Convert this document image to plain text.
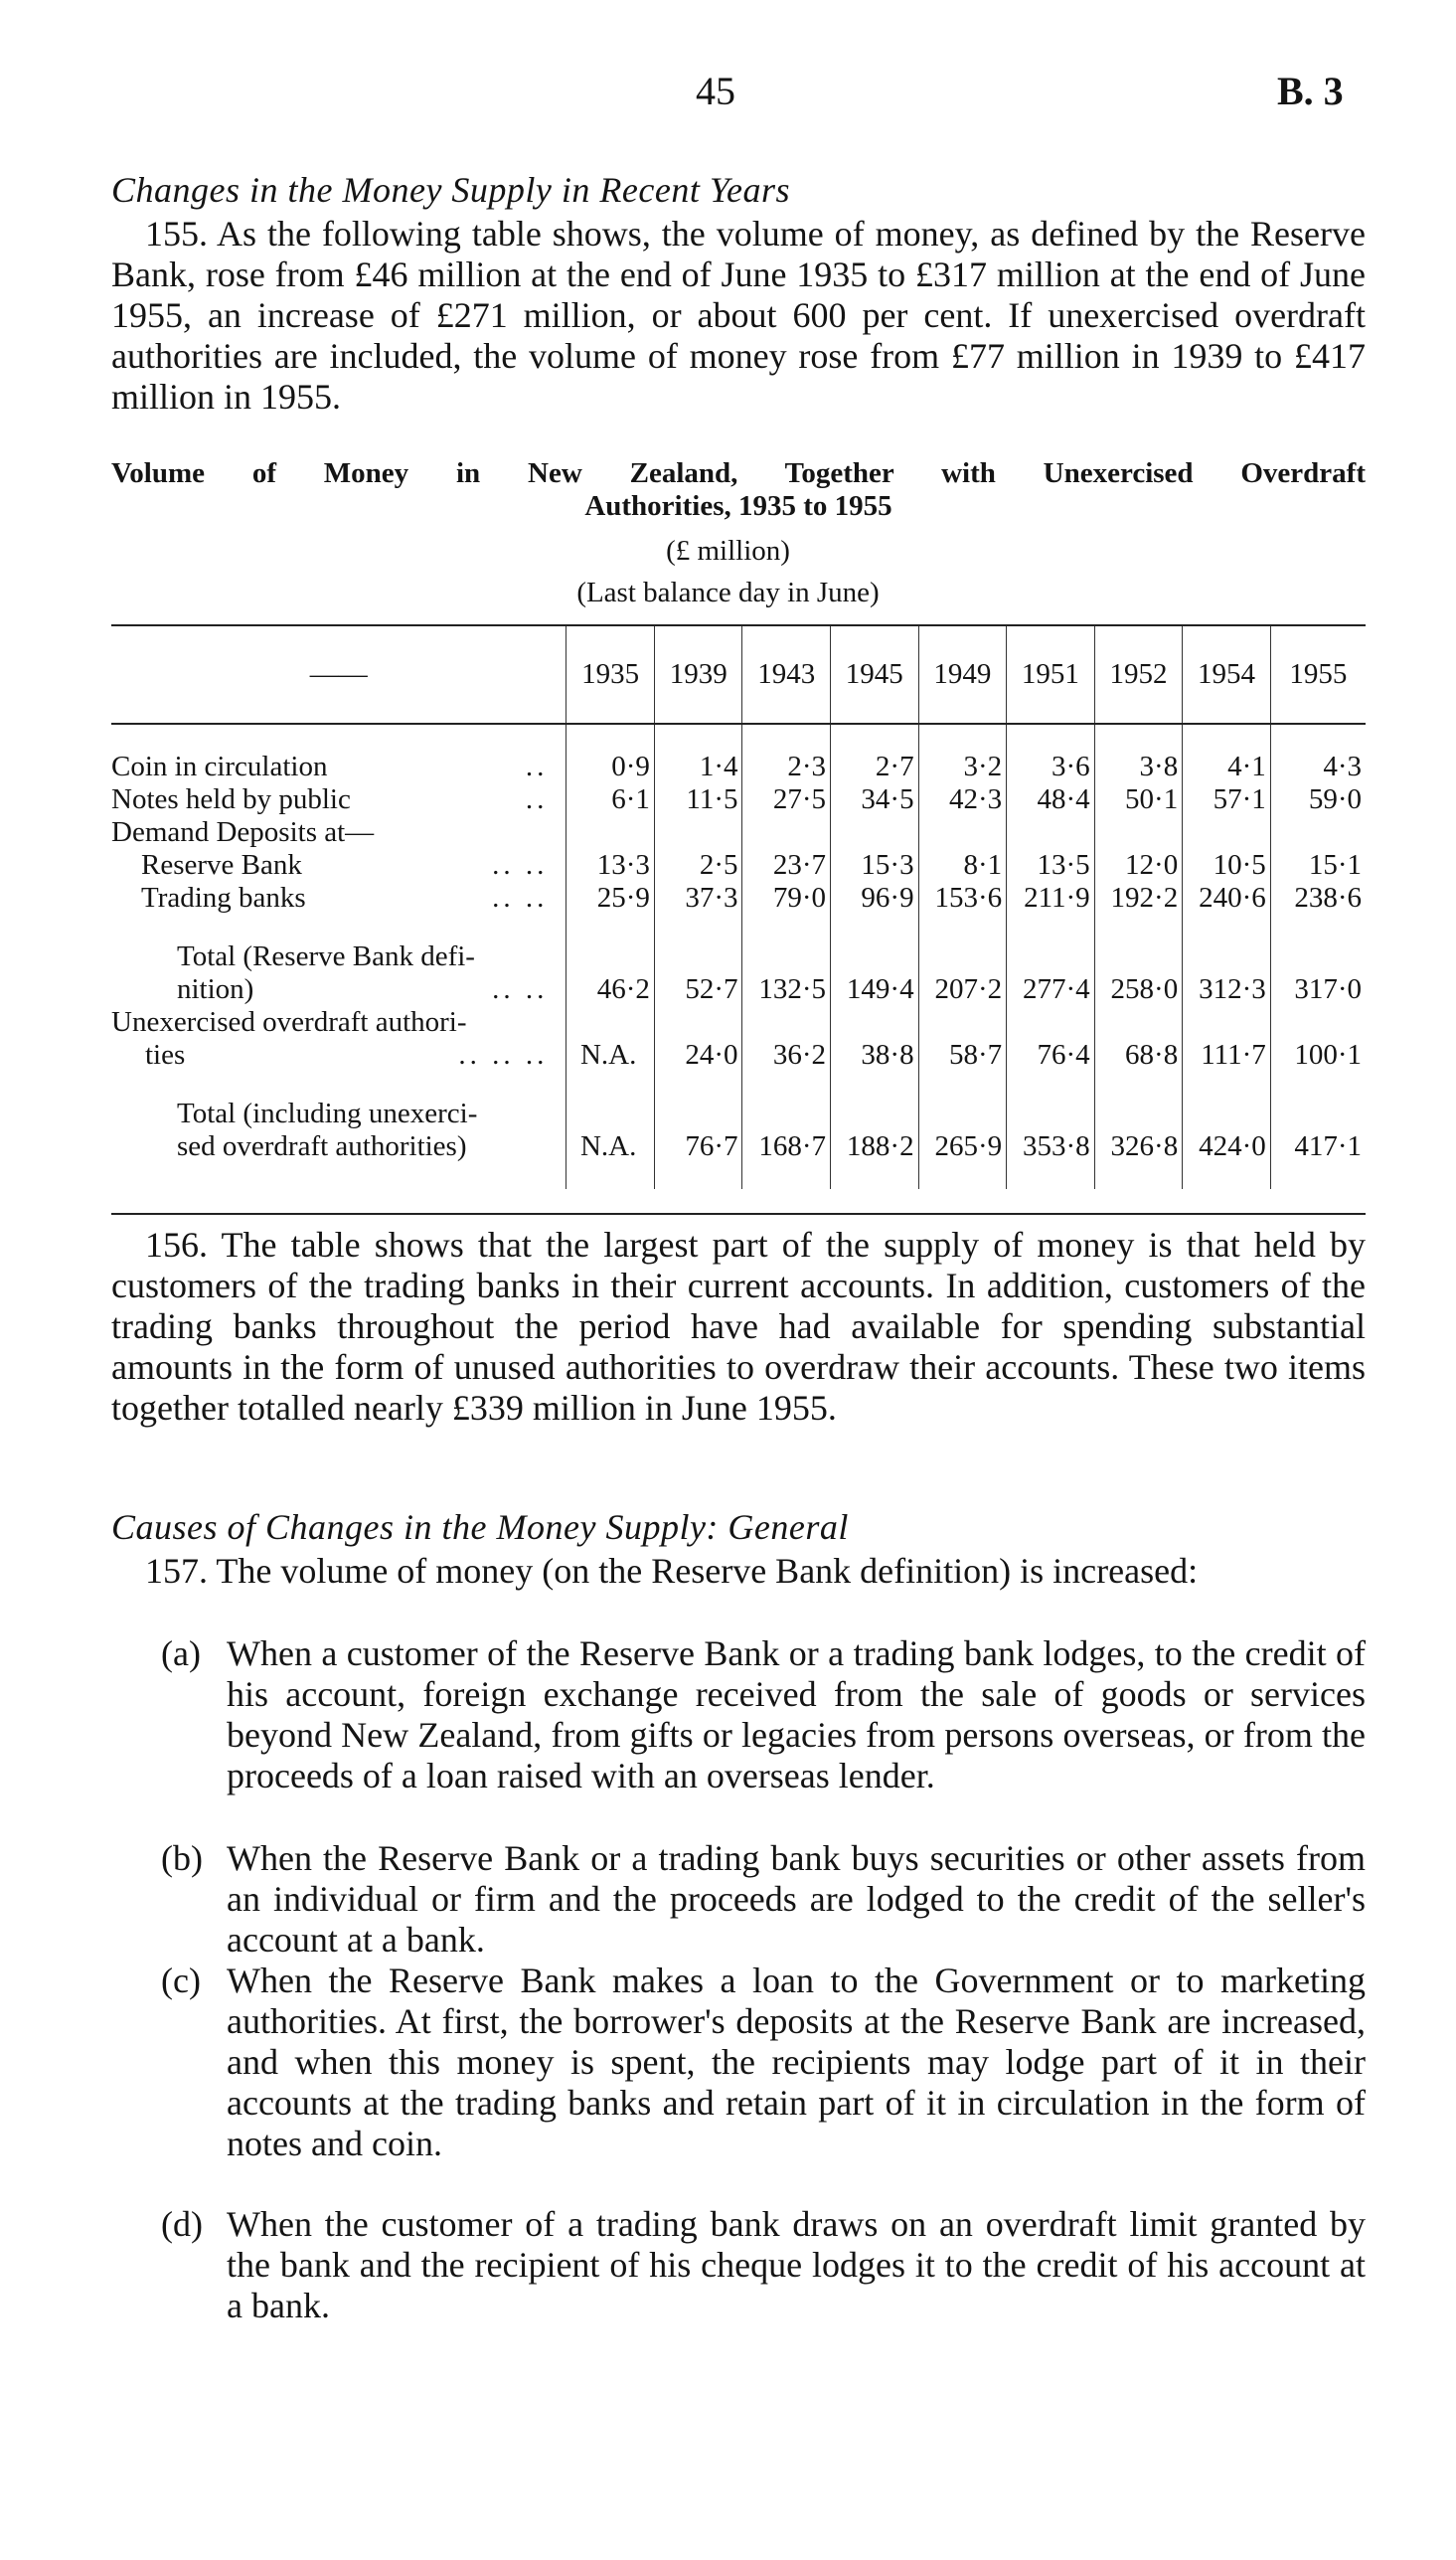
45	B. 3
Changes in the Money Supply in Recent Years
155. As the following table shows, the volume of money, as defined by the Reserve Bank, rose from £46 million at the end of June 1935 to £317 million at the end of June 1955, an increase of £271 million, or about 600 per cent. If unexercised overdraft authorities are included, the volume of money rose from £77 million in 1939 to £417 million in 1955.
Volume of Money in New Zealand, Together with Unexercised Overdraft
Authorities, 1935 to 1955
(£ million)
(Last balance day in June)
——	1935	1939	1943	1945	1949	1951	1952	1954	1955

Coin in circulation ..	0·9	1·4	2·3	2·7	3·2	3·6	3·8	4·1	4·3
Notes held by public ..	6·1	11·5	27·5	34·5	42·3	48·4	50·1	57·1	59·0
Demand Deposits at—									
Reserve Bank .. ..	13·3	2·5	23·7	15·3	8·1	13·5	12·0	10·5	15·1
Trading banks .. ..	25·9	37·3	79·0	96·9	153·6	211·9	192·2	240·6	238·6

Total (Reserve Bank defi-
nition) .. ..	46·2	52·7	132·5	149·4	207·2	277·4	258·0	312·3	317·0

Unexercised overdraft authori-
ties .. .. ..	N.A.	24·0	36·2	38·8	58·7	76·4	68·8	111·7	100·1

Total (including unexerci-
sed overdraft authorities)	N.A.	76·7	168·7	188·2	265·9	353·8	326·8	424·0	417·1

156. The table shows that the largest part of the supply of money is that held by customers of the trading banks in their current accounts. In addition, customers of the trading banks throughout the period have had available for spending substantial amounts in the form of unused authorities to overdraw their accounts. These two items together totalled nearly £339 million in June 1955.
Causes of Changes in the Money Supply: General
157. The volume of money (on the Reserve Bank definition) is increased:
(a) When a customer of the Reserve Bank or a trading bank lodges, to the credit of his account, foreign exchange received from the sale of goods or services beyond New Zealand, from gifts or legacies from persons overseas, or from the proceeds of a loan raised with an overseas lender.
(b) When the Reserve Bank or a trading bank buys securities or other assets from an individual or firm and the proceeds are lodged to the credit of the seller's account at a bank.
(c) When the Reserve Bank makes a loan to the Government or to marketing authorities. At first, the borrower's deposits at the Reserve Bank are increased, and when this money is spent, the recipients may lodge part of it in their accounts at the trading banks and retain part of it in circulation in the form of notes and coin.
(d) When the customer of a trading bank draws on an overdraft limit granted by the bank and the recipient of his cheque lodges it to the credit of his account at a bank.
